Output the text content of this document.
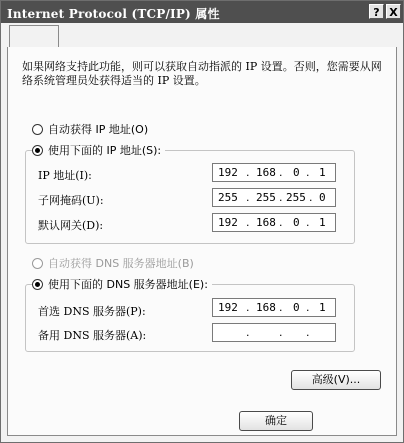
Internet Protocol (TCP/IP) 属性	? X
如果网络支持此功能，则可以获取自动指派的 IP 设置。否则，您需要从网络系统管理员处获得适当的 IP 设置。
自动获得 IP 地址(O)
使用下面的 IP 地址(S):
IP 地址(I):	192 . 168 . 0 . 1
子网掩码(U):	255 . 255 . 255 . 0
默认网关(D):	192 . 168 . 0 . 1
自动获得 DNS 服务器地址(B)
使用下面的 DNS 服务器地址(E):
首选 DNS 服务器(P):	192 . 168 . 0 . 1
备用 DNS 服务器(A):	.	. .
高级(V)...
确定
